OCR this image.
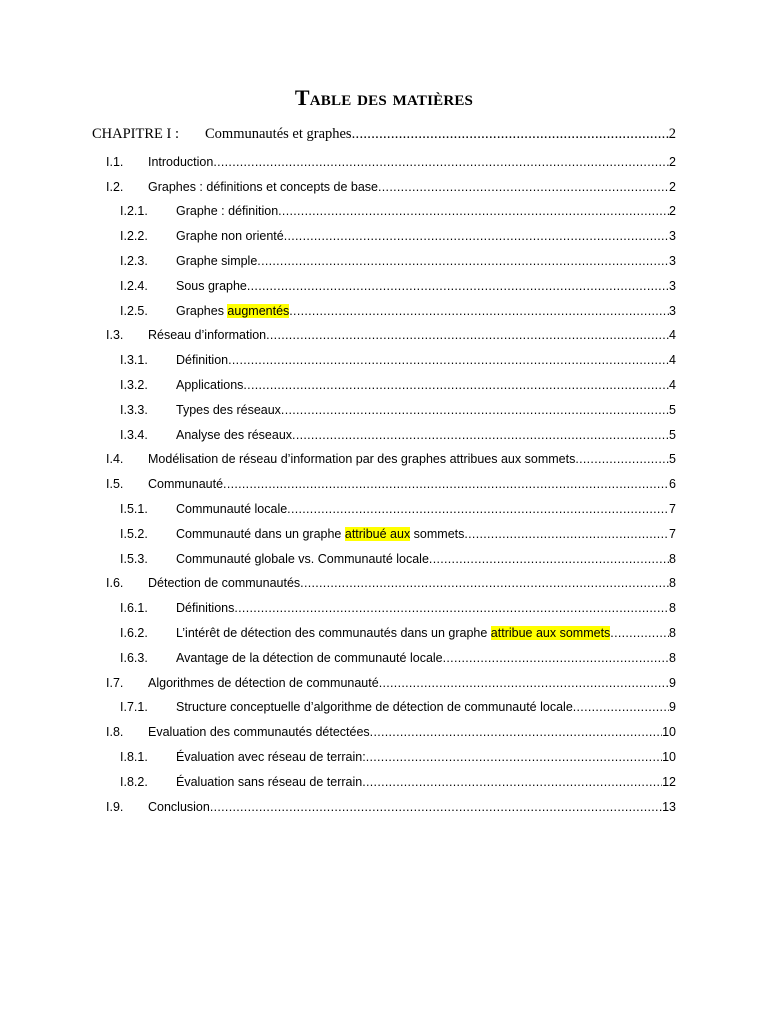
Table des matières
CHAPITRE I :	Communautés et graphes .....	2
I.1.	Introduction .....	2
I.2.	Graphes : définitions et concepts de base .....	2
I.2.1.	Graphe : définition .....	2
I.2.2.	Graphe non orienté .....	3
I.2.3.	Graphe simple .....	3
I.2.4.	Sous graphe .....	3
I.2.5.	Graphes augmentés .....	3
I.3.	Réseau d’information .....	4
I.3.1.	Définition .....	4
I.3.2.	Applications .....	4
I.3.3.	Types des réseaux .....	5
I.3.4.	Analyse des réseaux .....	5
I.4.	Modélisation de réseau d’information par des graphes attribues aux sommets .....	5
I.5.	Communauté .....	6
I.5.1.	Communauté locale .....	7
I.5.2.	Communauté dans un graphe attribué aux sommets .....	7
I.5.3.	Communauté globale vs. Communauté locale .....	8
I.6.	Détection de communautés .....	8
I.6.1.	Définitions .....	8
I.6.2.	L’intérêt de détection des communautés dans un graphe attribue aux sommets .....	8
I.6.3.	Avantage de la détection de communauté locale .....	8
I.7.	Algorithmes de détection de communauté .....	9
I.7.1.	Structure conceptuelle d’algorithme de détection de communauté locale .....	9
I.8.	Evaluation des communautés détectées .....	10
I.8.1.	Évaluation avec réseau de terrain: .....	10
I.8.2.	Évaluation sans réseau de terrain .....	12
I.9.	Conclusion .....	13
